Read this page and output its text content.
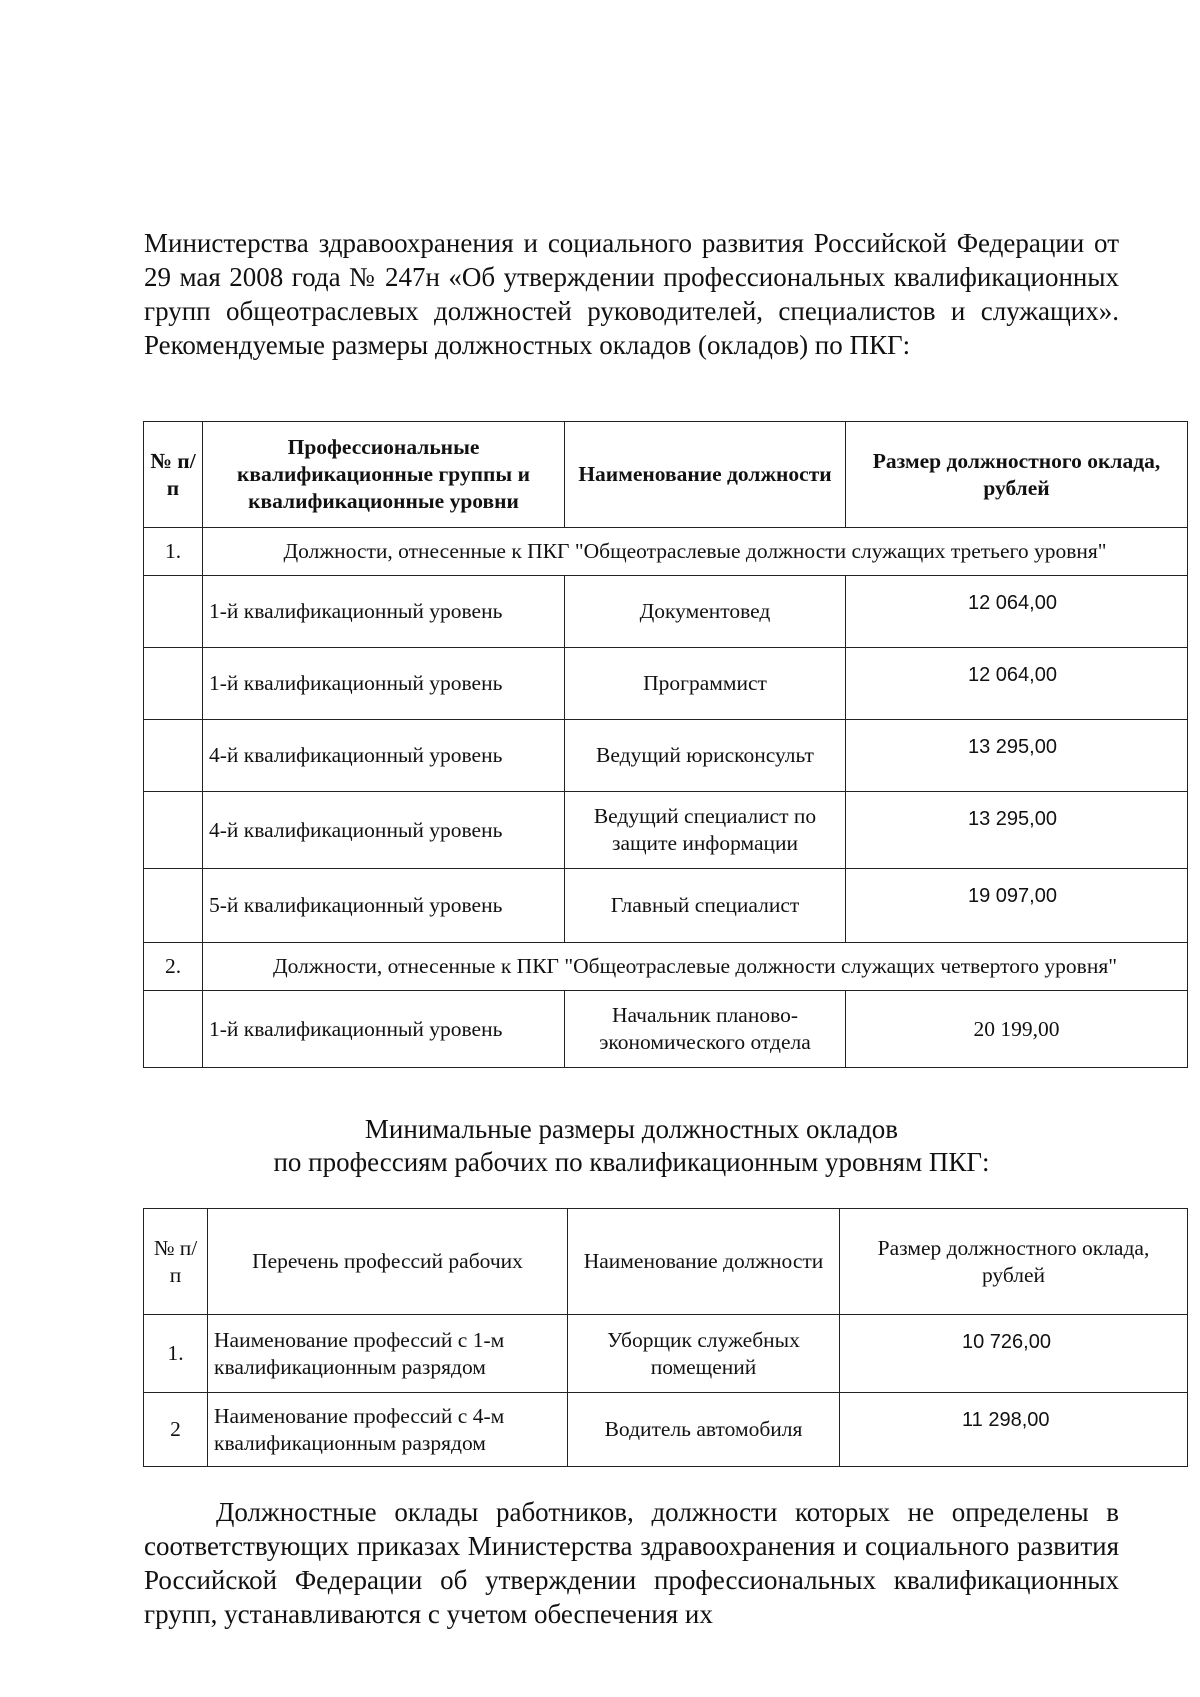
Министерства здравоохранения и социального развития Российской Федерации от 29 мая 2008 года № 247н «Об утверждении профессиональных квалификационных групп общеотраслевых должностей руководителей, специалистов и служащих». Рекомендуемые размеры должностных окладов (окладов) по ПКГ:

№ п/п	Профессиональные квалификационные группы и квалификационные уровни	Наименование должности	Размер должностного оклада, рублей
1.	Должности, отнесенные к ПКГ "Общеотраслевые должности служащих третьего уровня"		
	1-й квалификационный уровень	Документовед	12 064,00
	1-й квалификационный уровень	Программист	12 064,00
	4-й квалификационный уровень	Ведущий юрисконсульт	13 295,00
	4-й квалификационный уровень	Ведущий специалист по защите информации	13 295,00
	5-й квалификационный уровень	Главный специалист	19 097,00
2.	Должности, отнесенные к ПКГ "Общеотраслевые должности служащих четвертого уровня"		
	1-й квалификационный уровень	Начальник планово-экономического отдела	20 199,00

Минимальные размеры должностных окладов

по профессиям рабочих по квалификационным уровням ПКГ:

№ п/п	Перечень профессий рабочих	Наименование должности	Размер должностного оклада, рублей
1.	Наименование профессий с 1-м квалификационным разрядом	Уборщик служебных помещений	10 726,00
2	Наименование профессий с 4-м квалификационным разрядом	Водитель автомобиля	11 298,00

Должностные оклады работников, должности которых не определены в соответствующих приказах Министерства здравоохранения и социального развития Российской Федерации об утверждении профессиональных квалификационных групп, устанавливаются с учетом обеспечения их
